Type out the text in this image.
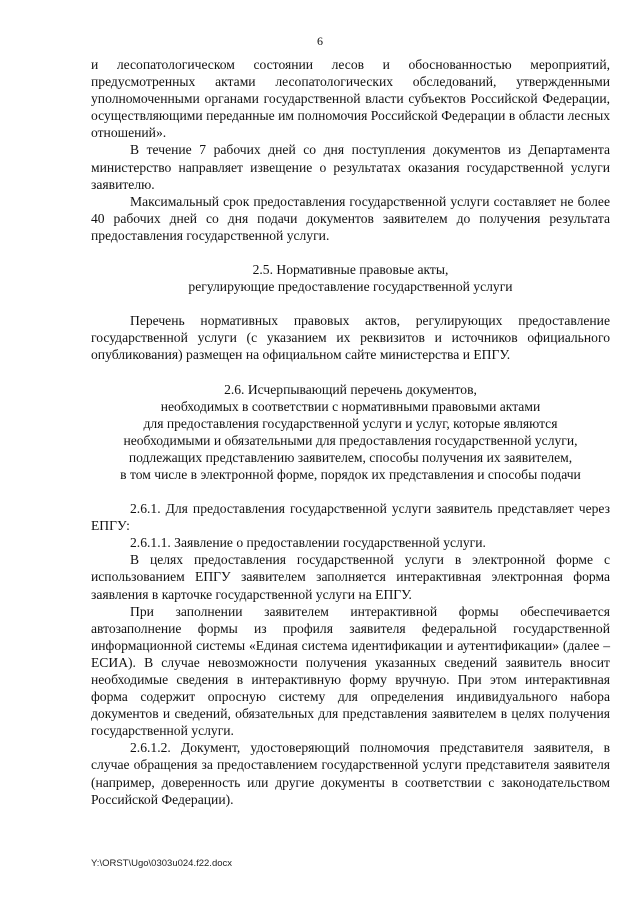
6

и лесопатологическом состоянии лесов и обоснованностью мероприятий, предусмотренных актами лесопатологических обследований, утвержденными уполномоченными органами государственной власти субъектов Российской Федерации, осуществляющими переданные им полномочия Российской Федерации в области лесных отношений».

В течение 7 рабочих дней со дня поступления документов из Департамента министерство направляет извещение о результатах оказания государственной услуги заявителю.

Максимальный срок предоставления государственной услуги составляет не более 40 рабочих дней со дня подачи документов заявителем до получения результата предоставления государственной услуги.

2.5. Нормативные правовые акты,
регулирующие предоставление государственной услуги

Перечень нормативных правовых актов, регулирующих предоставление государственной услуги (с указанием их реквизитов и источников официального опубликования) размещен на официальном сайте министерства и ЕПГУ.

2.6. Исчерпывающий перечень документов,
необходимых в соответствии с нормативными правовыми актами
для предоставления государственной услуги и услуг, которые являются
необходимыми и обязательными для предоставления государственной услуги,
подлежащих представлению заявителем, способы получения их заявителем,
в том числе в электронной форме, порядок их представления и способы подачи

2.6.1. Для предоставления государственной услуги заявитель представляет через ЕПГУ:

2.6.1.1. Заявление о предоставлении государственной услуги.

В целях предоставления государственной услуги в электронной форме с использованием ЕПГУ заявителем заполняется интерактивная электронная форма заявления в карточке государственной услуги на ЕПГУ.

При заполнении заявителем интерактивной формы обеспечивается автозаполнение формы из профиля заявителя федеральной государственной информационной системы «Единая система идентификации и аутентификации» (далее – ЕСИА). В случае невозможности получения указанных сведений заявитель вносит необходимые сведения в интерактивную форму вручную. При этом интерактивная форма содержит опросную систему для определения индивидуального набора документов и сведений, обязательных для представления заявителем в целях получения государственной услуги.

2.6.1.2. Документ, удостоверяющий полномочия представителя заявителя, в случае обращения за предоставлением государственной услуги представителя заявителя (например, доверенность или другие документы в соответствии с законодательством Российской Федерации).

Y:\ORST\Ugo\0303u024.f22.docx
